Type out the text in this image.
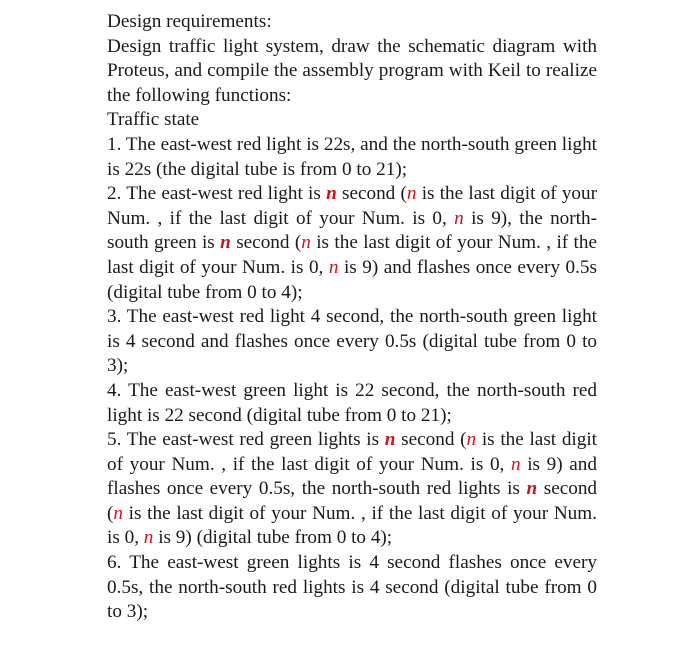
Design requirements:

Design traffic light system, draw the schematic diagram with Proteus, and compile the assembly program with Keil to realize the following functions:

Traffic state

1. The east-west red light is 22s, and the north-south green light is 22s (the digital tube is from 0 to 21);

2. The east-west red light is n second (n is the last digit of your Num. , if the last digit of your Num. is 0, n is 9), the north-south green is n second (n is the last digit of your Num. , if the last digit of your Num. is 0, n is 9) and flashes once every 0.5s (digital tube from 0 to 4);

3. The east-west red light 4 second, the north-south green light is 4 second and flashes once every 0.5s (digital tube from 0 to 3);

4. The east-west green light is 22 second, the north-south red light is 22 second (digital tube from 0 to 21);

5. The east-west red green lights is n second (n is the last digit of your Num. , if the last digit of your Num. is 0, n is 9) and flashes once every 0.5s, the north-south red lights is n second (n is the last digit of your Num. , if the last digit of your Num. is 0, n is 9) (digital tube from 0 to 4);

6. The east-west green lights is 4 second flashes once every 0.5s, the north-south red lights is 4 second (digital tube from 0 to 3);
